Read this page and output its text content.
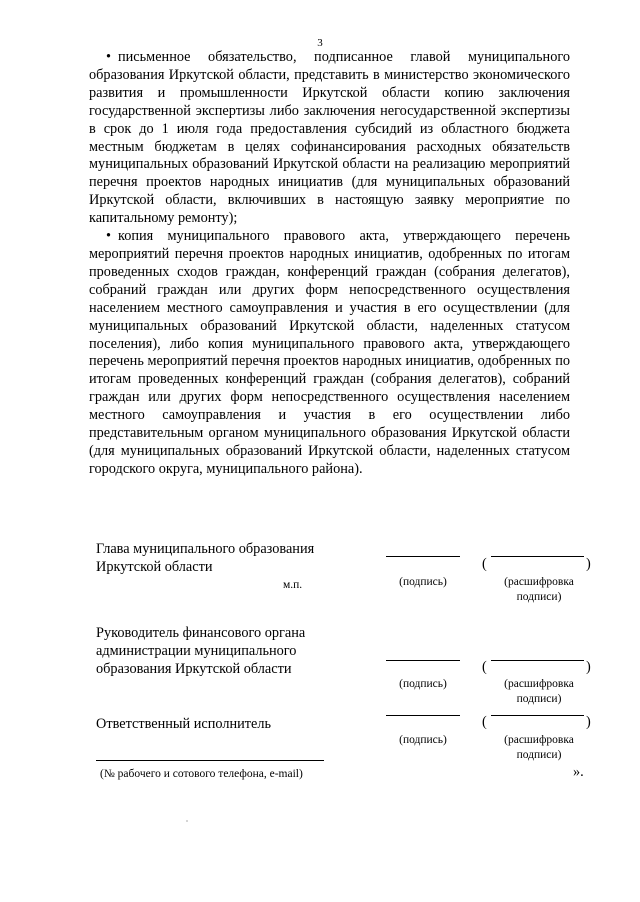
3

• письменное обязательство, подписанное главой муниципального образования Иркутской области, представить в министерство экономического развития и промышленности Иркутской области копию заключения государственной экспертизы либо заключения негосударственной экспертизы в срок до 1 июля года предоставления субсидий из областного бюджета местным бюджетам в целях софинансирования расходных обязательств муниципальных образований Иркутской области на реализацию мероприятий перечня проектов народных инициатив (для муниципальных образований Иркутской области, включивших в настоящую заявку мероприятие по капитальному ремонту);

• копия муниципального правового акта, утверждающего перечень мероприятий перечня проектов народных инициатив, одобренных по итогам проведенных сходов граждан, конференций граждан (собрания делегатов), собраний граждан или других форм непосредственного осуществления населением местного самоуправления и участия в его осуществлении (для муниципальных образований Иркутской области, наделенных статусом поселения), либо копия муниципального правового акта, утверждающего перечень мероприятий перечня проектов народных инициатив, одобренных по итогам проведенных конференций граждан (собрания делегатов), собраний граждан или других форм непосредственного осуществления населением местного самоуправления и участия в его осуществлении либо представительным органом муниципального образования Иркутской области (для муниципальных образований Иркутской области, наделенных статусом городского округа, муниципального района).

Глава муниципального образования
Иркутской области
м.п.
(	)
(подпись)	(расшифровка
подписи)
Руководитель финансового органа
администрации муниципального
образования Иркутской области	(	)
(подпись)	(расшифровка
подписи)
Ответственный исполнитель	(	)
(подпись)	(расшифровка
подписи)
(№ рабочего и сотового телефона, e-mail)	».
